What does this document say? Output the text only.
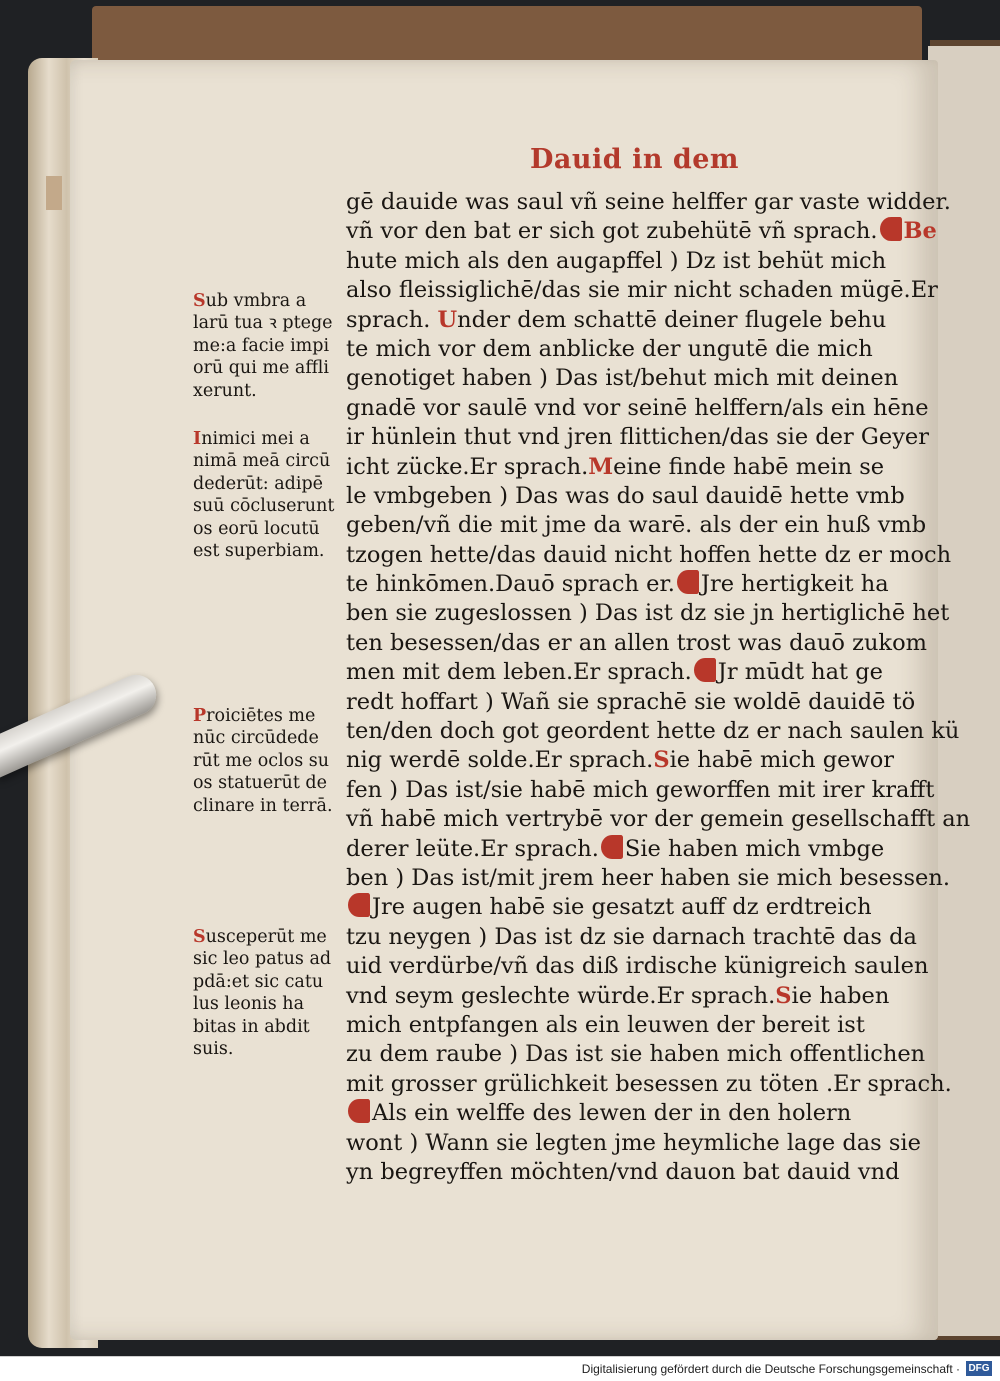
Dauid in dem
gē dauide was saul vñ seine helffer gar vaste widder.
vñ vor den bat er sich got zubehütē vñ sprach. Be
hute mich als den augapffel ) Dz ist behüt mich
also fleissiglichē/das sie mir nicht schaden mügē.Er
sprach. Under dem schattē deiner flugele behu
te mich vor dem anblicke der ungutē die mich
genotiget haben ) Das ist/behut mich mit deinen
gnadē vor saulē vnd vor seinē helffern/als ein hēne
ir hünlein thut vnd jren flittichen/das sie der Geyer
icht zücke.Er sprach.Meine finde habē mein se
le vmbgeben ) Das was do saul dauidē hette vmb
geben/vñ die mit jme da warē. als der ein huß vmb
tzogen hette/das dauid nicht hoffen hette dz er moch
te hinkōmen.Dauō sprach er. Jre hertigkeit ha
ben sie zugeslossen ) Das ist dz sie jn hertiglichē het
ten besessen/das er an allen trost was dauō zukom
men mit dem leben.Er sprach. Jr mūdt hat ge
redt hoffart ) Wañ sie sprachē sie woldē dauidē tö
ten/den doch got geordent hette dz er nach saulen kü
nig werdē solde.Er sprach.Sie habē mich gewor
fen ) Das ist/sie habē mich geworffen mit irer krafft
vñ habē mich vertrybē vor der gemein gesellschafft an
derer leüte.Er sprach. Sie haben mich vmbge
ben ) Das ist/mit jrem heer haben sie mich besessen.
Jre augen habē sie gesatzt auff dz erdtreich
tzu neygen ) Das ist dz sie darnach trachtē das da
uid verdürbe/vñ das diß irdische künigreich saulen
vnd seym geslechte würde.Er sprach.Sie haben
mich entpfangen als ein leuwen der bereit ist
zu dem raube ) Das ist sie haben mich offentlichen
mit grosser grülichkeit besessen zu töten .Er sprach.
Als ein welffe des lewen der in den holern
wont ) Wann sie legten jme heymliche lage das sie
yn begreyffen möchten/vnd dauon bat dauid vnd
Sub vmbra a
larū tua ꝛ ptege
me:a facie impi
orū qui me affli
xerunt.
Inimici mei a
nimā meā circū
dederūt: adipē
suū cōcluserunt
os eorū locutū
est superbiam.
Proiciētes me
nūc circūdede
rūt me oclos su
os statuerūt de
clinare in terrā.
Susceperūt me
sic leo patus ad
pdā:et sic catu
lus leonis ha
bitas in abdit
suis.
Digitalisierung gefördert durch die Deutsche Forschungsgemeinschaft · DFG
